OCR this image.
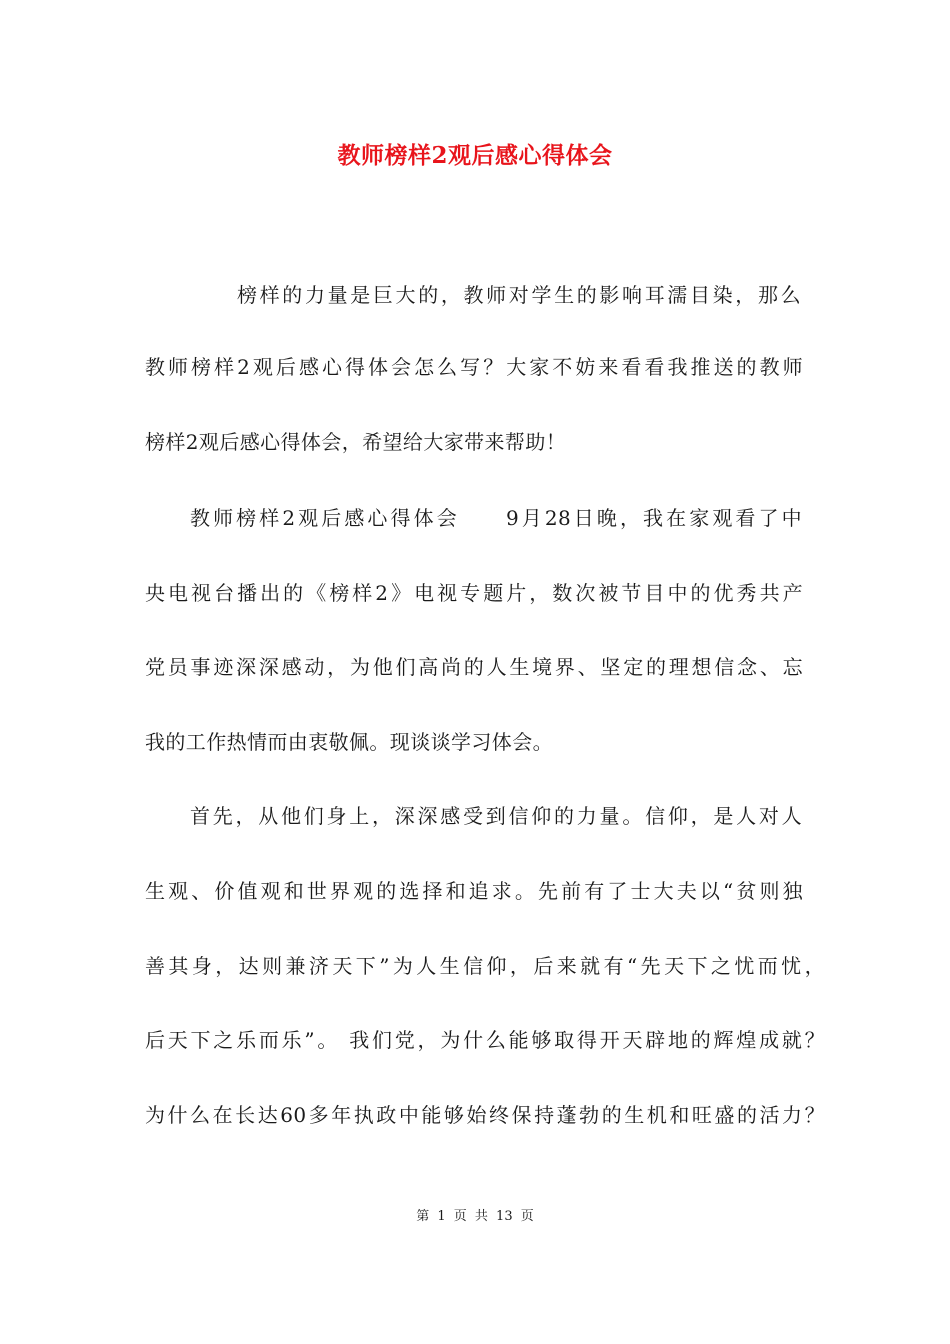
教师榜样2观后感心得体会
榜样的力量是巨大的，教师对学生的影响耳濡目染，那么
教师榜样2观后感心得体会怎么写？大家不妨来看看我推送的教师
榜样2观后感心得体会，希望给大家带来帮助！
教师榜样2观后感心得体会　　9月28日晚，我在家观看了中
央电视台播出的《榜样2》电视专题片，数次被节目中的优秀共产
党员事迹深深感动，为他们高尚的人生境界、坚定的理想信念、忘
我的工作热情而由衷敬佩。现谈谈学习体会。
首先，从他们身上，深深感受到信仰的力量。信仰，是人对人
生观、价值观和世界观的选择和追求。先前有了士大夫以“贫则独
善其身，达则兼济天下”为人生信仰，后来就有“先天下之忧而忧，
后天下之乐而乐”。 我们党，为什么能够取得开天辟地的辉煌成就？
为什么在长达60多年执政中能够始终保持蓬勃的生机和旺盛的活力？
第 1 页 共 13 页
